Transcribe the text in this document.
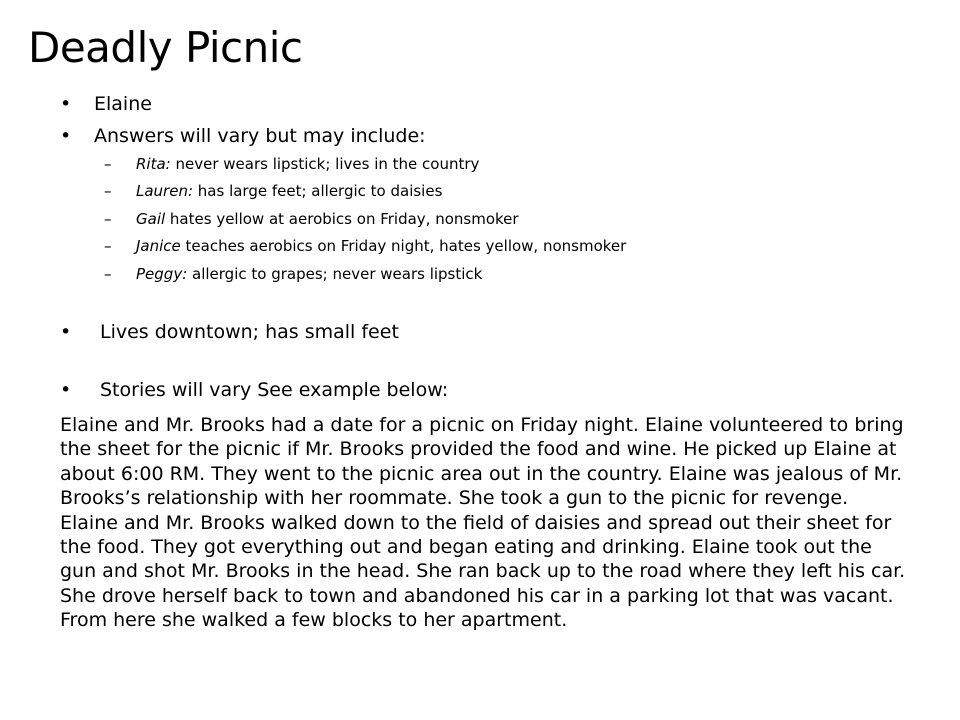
Deadly Picnic
• Elaine
• Answers will vary but may include:
– Rita: never wears lipstick; lives in the country
– Lauren: has large feet; allergic to daisies
– Gail hates yellow at aerobics on Friday, nonsmoker
– Janice teaches aerobics on Friday night, hates yellow, nonsmoker
– Peggy: allergic to grapes; never wears lipstick
• Lives downtown; has small feet
• Stories will vary See example below:
Elaine and Mr. Brooks had a date for a picnic on Friday night. Elaine volunteered to bring the sheet for the picnic if Mr. Brooks provided the food and wine. He picked up Elaine at about 6:00 RM. They went to the picnic area out in the country. Elaine was jealous of Mr. Brooks’s relationship with her roommate. She took a gun to the picnic for revenge. Elaine and Mr. Brooks walked down to the field of daisies and spread out their sheet for the food. They got everything out and began eating and drinking. Elaine took out the gun and shot Mr. Brooks in the head. She ran back up to the road where they left his car. She drove herself back to town and abandoned his car in a parking lot that was vacant. From here she walked a few blocks to her apartment.
